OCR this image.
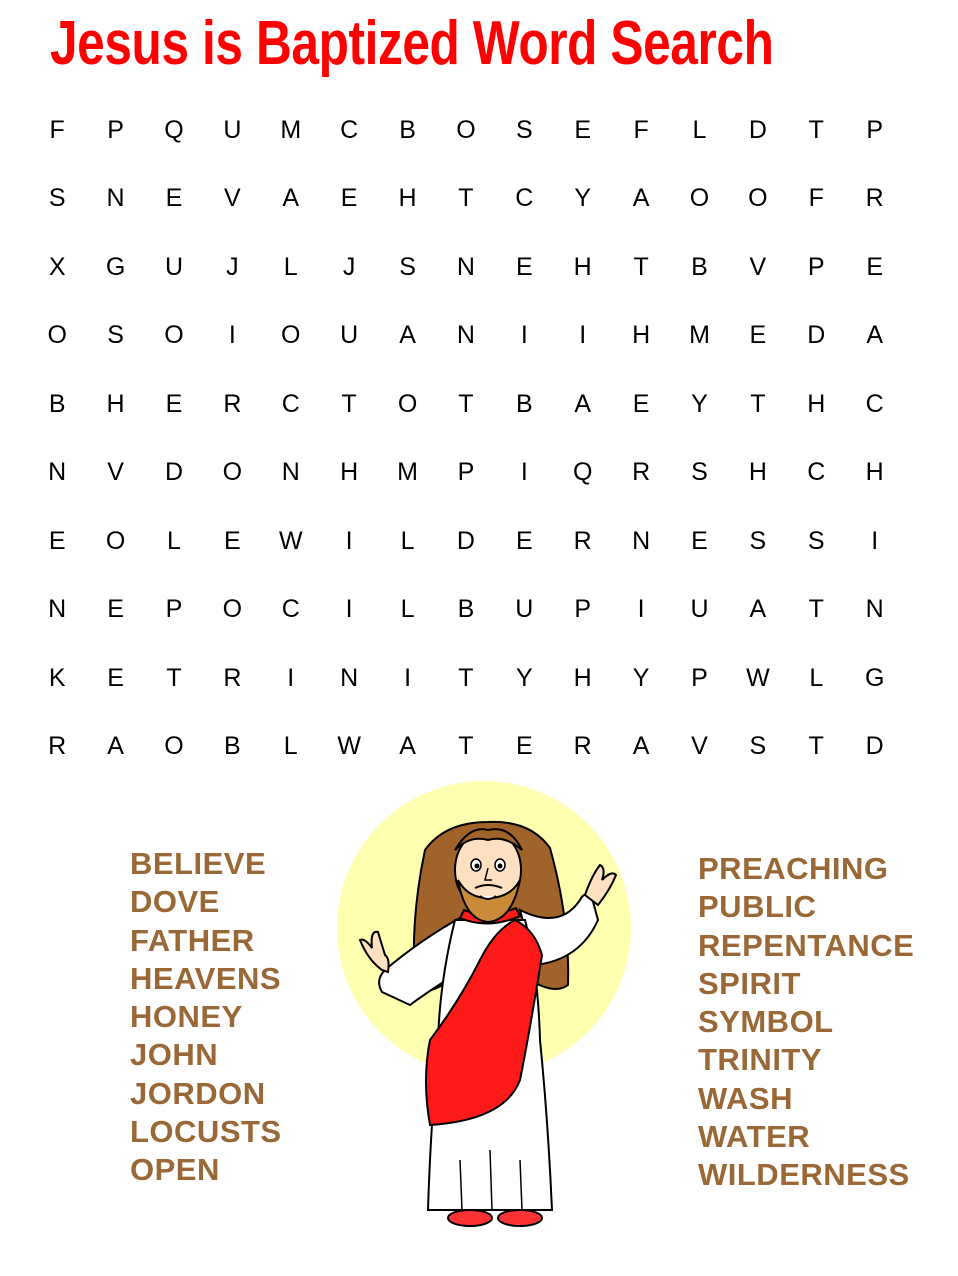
Jesus is Baptized Word Search
F	P	Q	U	M	C	B	O	S	E	F	L	D	T	P
S	N	E	V	A	E	H	T	C	Y	A	O	O	F	R
X	G	U	J	L	J	S	N	E	H	T	B	V	P	E
O	S	O	I	O	U	A	N	I	I	H	M	E	D	A
B	H	E	R	C	T	O	T	B	A	E	Y	T	H	C
N	V	D	O	N	H	M	P	I	Q	R	S	H	C	H
E	O	L	E	W	I	L	D	E	R	N	E	S	S	I
N	E	P	O	C	I	L	B	U	P	I	U	A	T	N
K	E	T	R	I	N	I	T	Y	H	Y	P	W	L	G
R	A	O	B	L	W	A	T	E	R	A	V	S	T	D
BELIEVE
DOVE
FATHER
HEAVENS
HONEY
JOHN
JORDON
LOCUSTS
OPEN
PREACHING
PUBLIC
REPENTANCE
SPIRIT
SYMBOL
TRINITY
WASH
WATER
WILDERNESS
